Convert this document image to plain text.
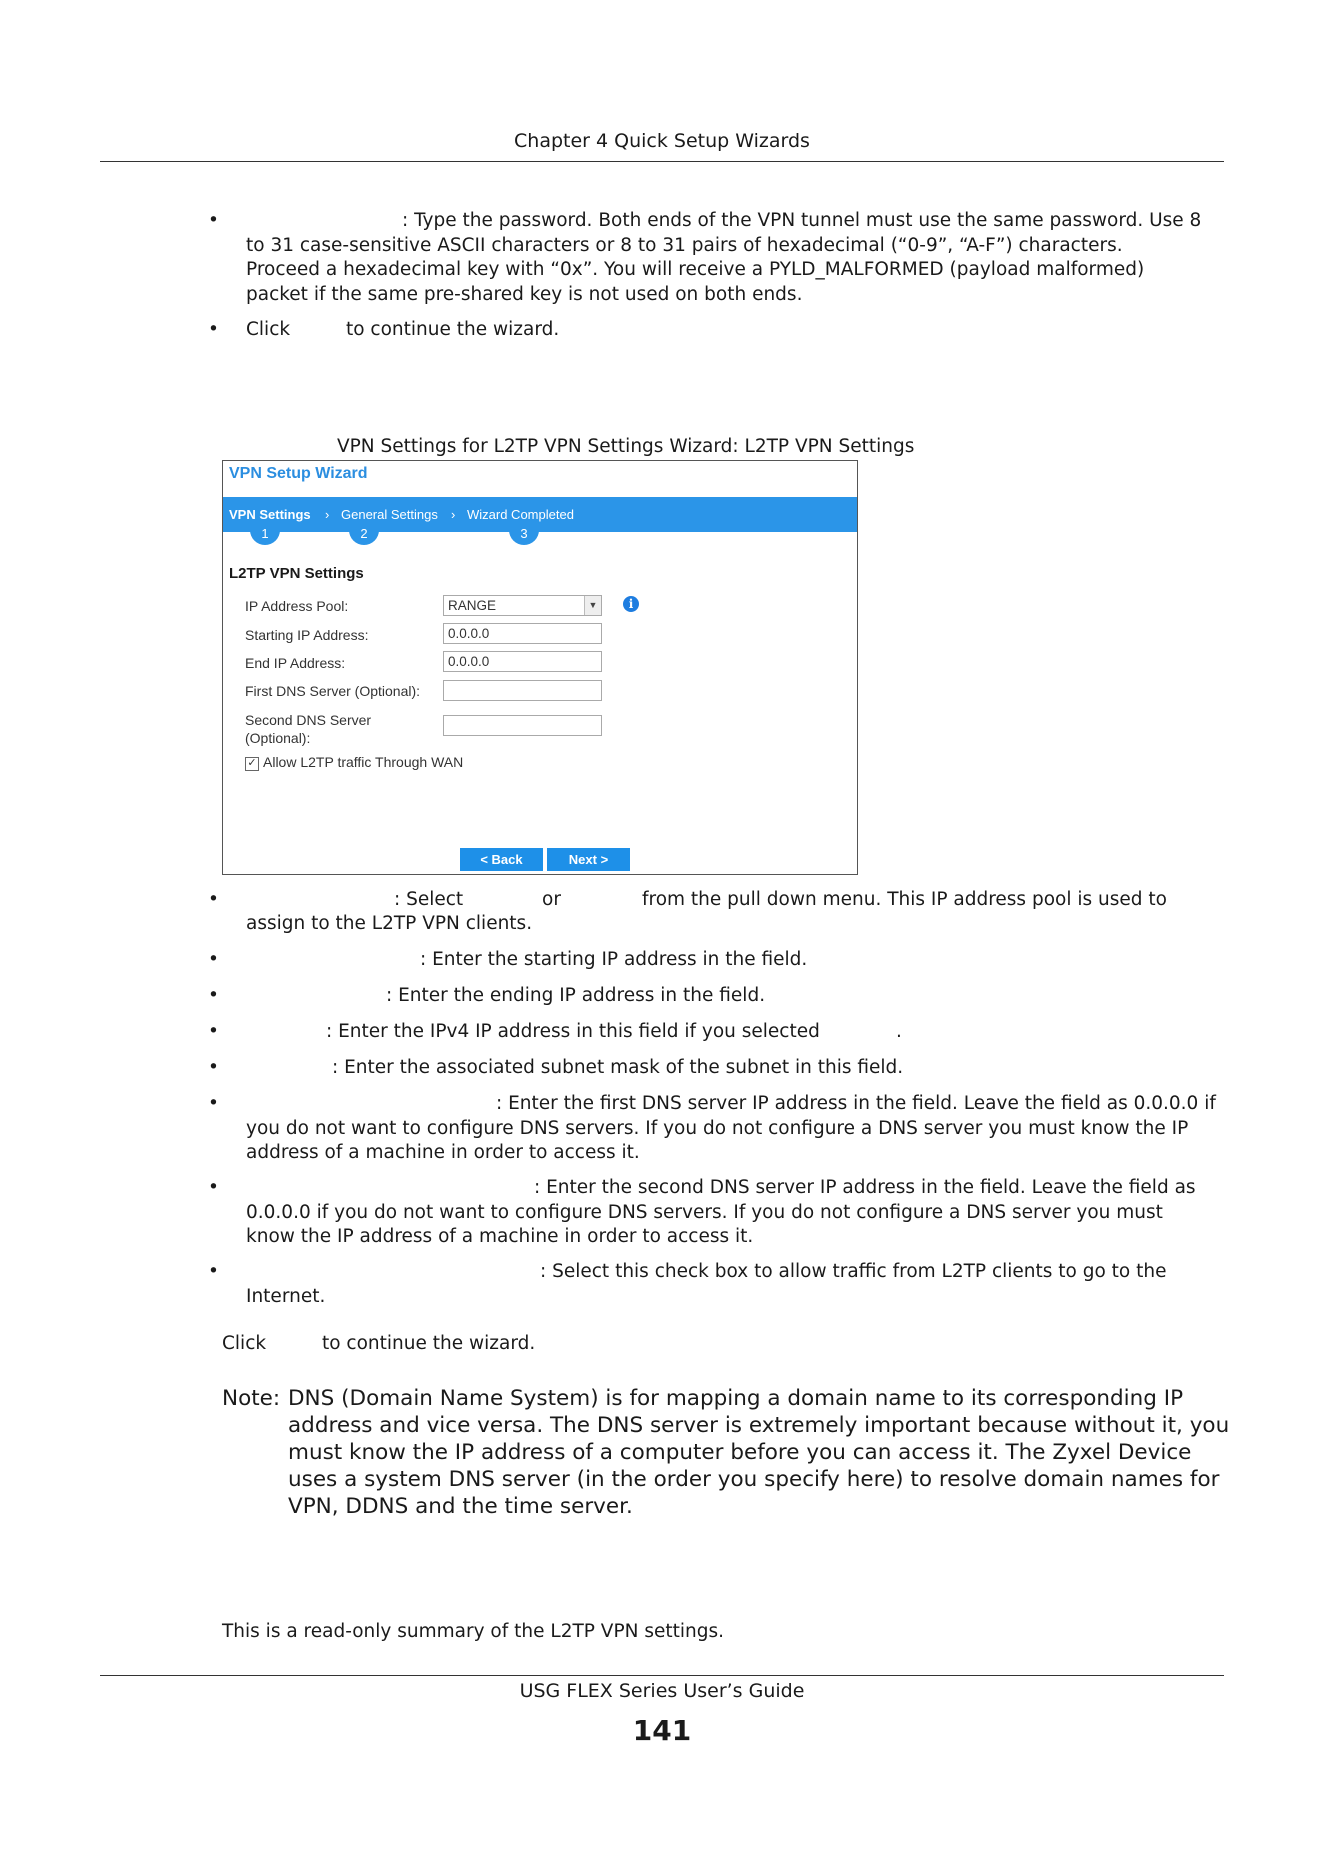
Chapter 4 Quick Setup Wizards
•	: Type the password. Both ends of the VPN tunnel must use the same password. Use 8
to 31 case-sensitive ASCII characters or 8 to 31 pairs of hexadecimal (“0-9”, “A-F”) characters.
Proceed a hexadecimal key with “0x”. You will receive a PYLD_MALFORMED (payload malformed)
packet if the same pre-shared key is not used on both ends.
• Click	to continue the wizard.
VPN Settings for L2TP VPN Settings Wizard: L2TP VPN Settings
VPN Setup Wizard
VPN Settings › General Settings › Wizard Completed
1	2	3
L2TP VPN Settings
IP Address Pool:	RANGE	▼	i
Starting IP Address:	0.0.0.0
End IP Address:	0.0.0.0
First DNS Server (Optional):
Second DNS Server
(Optional):
✓ Allow L2TP traffic Through WAN
< Back	Next >
•	: Select	or	from the pull down menu. This IP address pool is used to
assign to the L2TP VPN clients.
•	: Enter the starting IP address in the field.
•	: Enter the ending IP address in the field.
•	: Enter the IPv4 IP address in this field if you selected	.
•	: Enter the associated subnet mask of the subnet in this field.
•	: Enter the first DNS server IP address in the field. Leave the field as 0.0.0.0 if
you do not want to configure DNS servers. If you do not configure a DNS server you must know the IP
address of a machine in order to access it.
•	: Enter the second DNS server IP address in the field. Leave the field as
0.0.0.0 if you do not want to configure DNS servers. If you do not configure a DNS server you must
know the IP address of a machine in order to access it.
•	: Select this check box to allow traffic from L2TP clients to go to the
Internet.
Click	to continue the wizard.
Note: DNS (Domain Name System) is for mapping a domain name to its corresponding IP
address and vice versa. The DNS server is extremely important because without it, you
must know the IP address of a computer before you can access it. The Zyxel Device
uses a system DNS server (in the order you specify here) to resolve domain names for
VPN, DDNS and the time server.
This is a read-only summary of the L2TP VPN settings.
USG FLEX Series User’s Guide
141
